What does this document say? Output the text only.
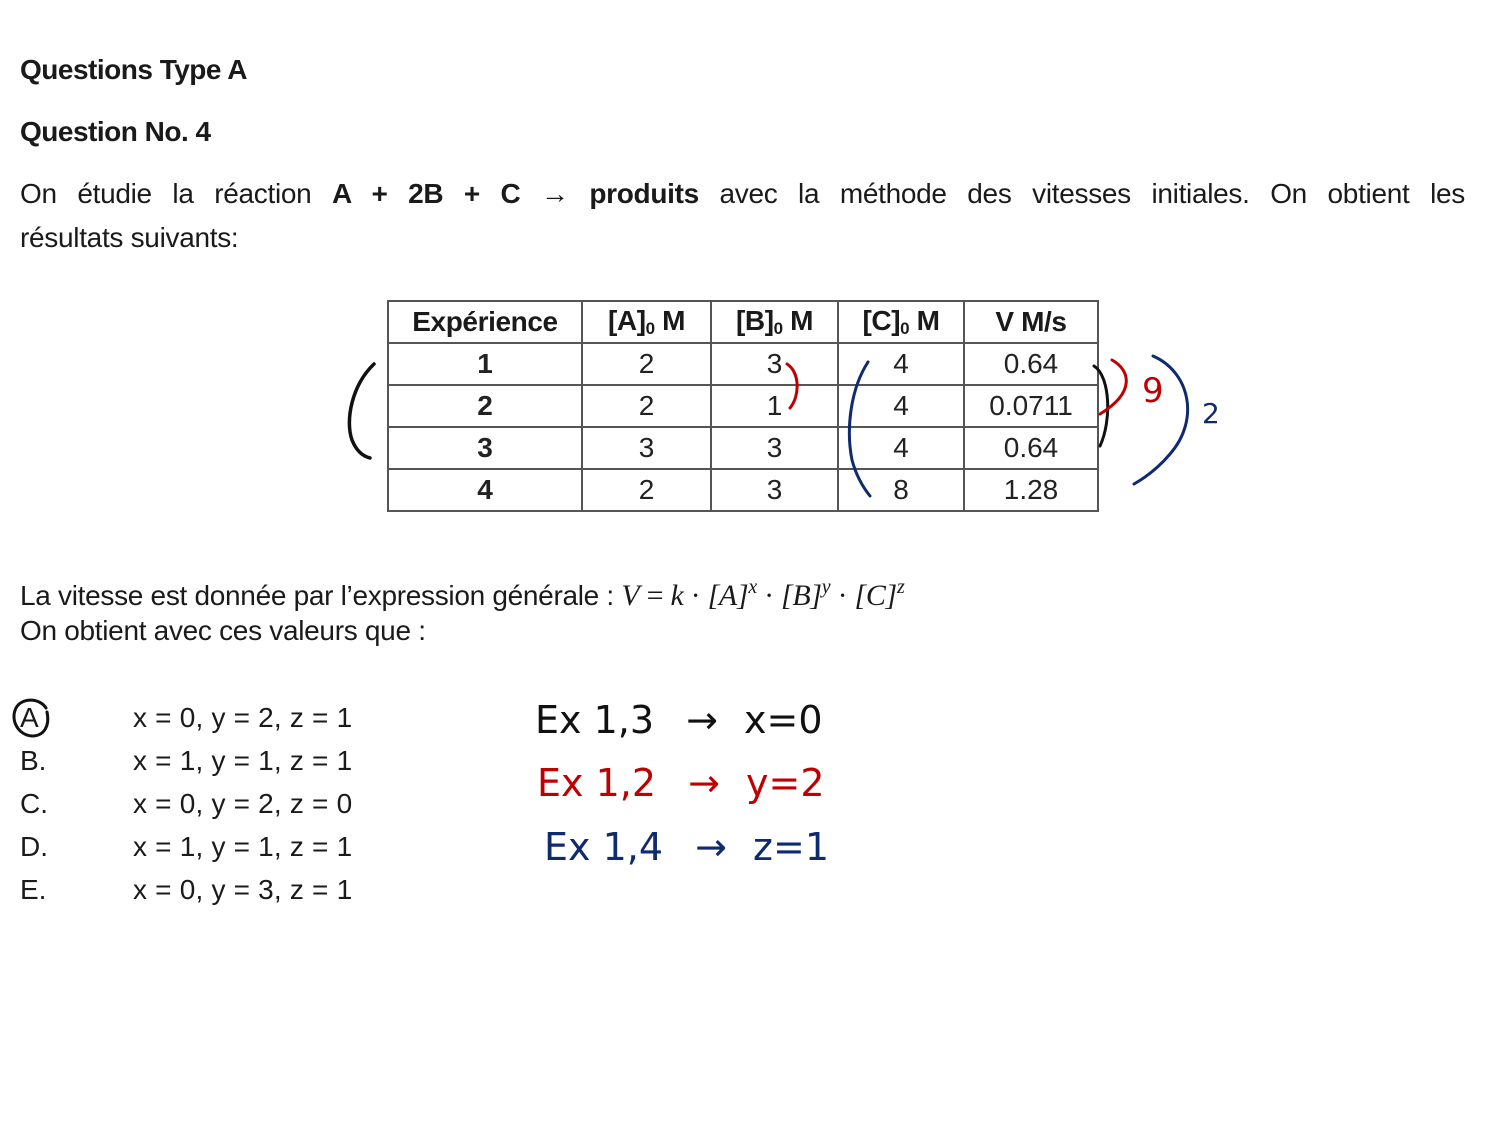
Questions Type A
Question No. 4
On étudie la réaction A + 2B + C → produits avec la méthode des vitesses initiales. On obtient les
résultats suivants:
Expérience	$[A]_0$ M	$[B]_0$ M	$[C]_0$ M	V M/s
1	2	3	4	0.64
2	2	1	4	0.0711
3	3	3	4	0.64
4	2	3	8	1.28
La vitesse est donnée par l’expression générale : $V = k \cdot [A]^x \cdot [B]^y \cdot [C]^z$
On obtient avec ces valeurs que :
A	x = 0, y = 2, z = 1
B.	x = 1, y = 1, z = 1
C.	x = 0, y = 2, z = 0
D.	x = 1, y = 1, z = 1
E.	x = 0, y = 3, z = 1
9
2
Ex 1,3 → x=0
Ex 1,2 → y=2
Ex 1,4 → z=1
